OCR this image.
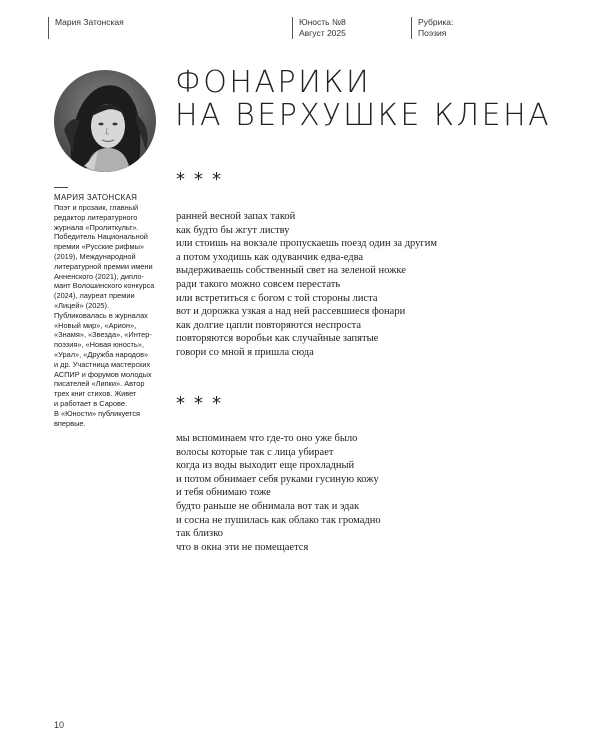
Мария Затонская	Юность №8
Август 2025
Рубрика:
Поэзия
ФОНАРИКИ
НА ВЕРХУШКЕ КЛЕНА
МАРИЯ ЗАТОНСКАЯ
Поэт и прозаик, главный
редактор литературного
журнала «Пролиткульт».
Победитель Национальной
премии «Русские рифмы»
(2019), Международной
литературной премии имени
Анненского (2021), дипло-
мант Волошинского конкурса
(2024), лауреат премии
«Лицей» (2025).
Публиковалась в журналах
«Новый мир», «Арион»,
«Знамя», «Звезда», «Интер-
поэзия», «Новая юность»,
«Урал», «Дружба народов»
и др. Участница мастерских
АСПИР и форумов молодых
писателей «Липки». Автор
трех книг стихов. Живет
и работает в Сарове.
В «Юности» публикуется
впервые.
***
ранней весной запах такой
как будто бы жгут листву
или стоишь на вокзале пропускаешь поезд один за другим
а потом уходишь как одуванчик едва-едва
выдерживаешь собственный свет на зеленой ножке
ради такого можно совсем перестать
или встретиться с богом с той стороны листа
вот и дорожка узкая а над ней рассевшиеся фонари
как долгие цапли повторяются неспроста
повторяются воробьи как случайные запятые
говори со мной я пришла сюда
***
мы вспоминаем что где-то оно уже было
волосы которые так с лица убирает
когда из воды выходит еще прохладный
и потом обнимает себя руками гусиную кожу
и тебя обнимаю тоже
будто раньше не обнимала вот так и эдак
и сосна не пушилась как облако так громадно
так близко
что в окна эти не помещается
10
